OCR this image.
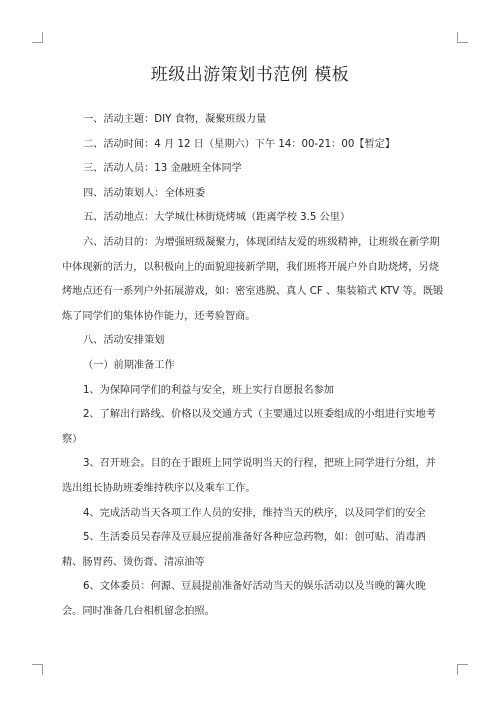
班级出游策划书范例 模板

一、活动主题：DIY 食物，凝聚班级力量

二、活动时间：4 月 12 日（星期六）下午 14：00-21：00【暂定】

三、活动人员：13 金融班全体同学

四、活动策划人：全体班委

五、活动地点：大学城仕林街烧烤城（距离学校 3.5 公里）

六、活动目的：为增强班级凝聚力，体现团结友爱的班级精神，让班级在新学期中体现新的活力，以积极向上的面貌迎接新学期，我们班将开展户外自助烧烤，另烧烤地点还有一系列户外拓展游戏，如：密室逃脱、真人 CF 、集装箱式 KTV 等。既锻炼了同学们的集体协作能力，还考验智商。

八、活动安排策划

（一）前期准备工作

1、为保障同学们的利益与安全，班上实行自愿报名参加

2、了解出行路线、价格以及交通方式（主要通过以班委组成的小组进行实地考察）

3、召开班会。目的在于跟班上同学说明当天的行程，把班上同学进行分组，并选出组长协助班委维持秩序以及乘车工作。

4、完成活动当天各项工作人员的安排，维持当天的秩序，以及同学们的安全

5、生活委员吴春萍及豆晨应提前准备好各种应急药物，如：创可贴、消毒酒精、肠胃药、烫伤膏、清凉油等

6、文体委员：何源、豆晨提前准备好活动当天的娱乐活动以及当晚的篝火晚会。同时准备几台相机留念拍照。
